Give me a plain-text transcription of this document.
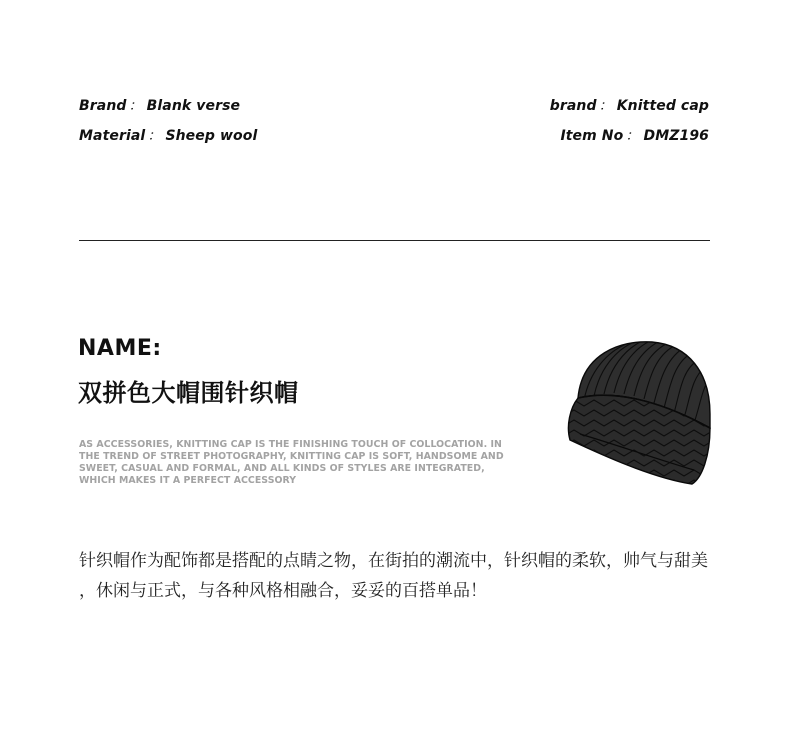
Brand ： Blank verse
Material ： Sheep wool
brand ： Knitted cap
Item No ： DMZ196
NAME:
双拼色大帽围针织帽
AS ACCESSORIES, KNITTING CAP IS THE FINISHING TOUCH OF COLLOCATION. IN
THE TREND OF STREET PHOTOGRAPHY, KNITTING CAP IS SOFT, HANDSOME AND
SWEET, CASUAL AND FORMAL, AND ALL KINDS OF STYLES ARE INTEGRATED,
WHICH MAKES IT A PERFECT ACCESSORY
针织帽作为配饰都是搭配的点睛之物，在街拍的潮流中，针织帽的柔软，帅气与甜美
，休闲与正式，与各种风格相融合，妥妥的百搭单品！
